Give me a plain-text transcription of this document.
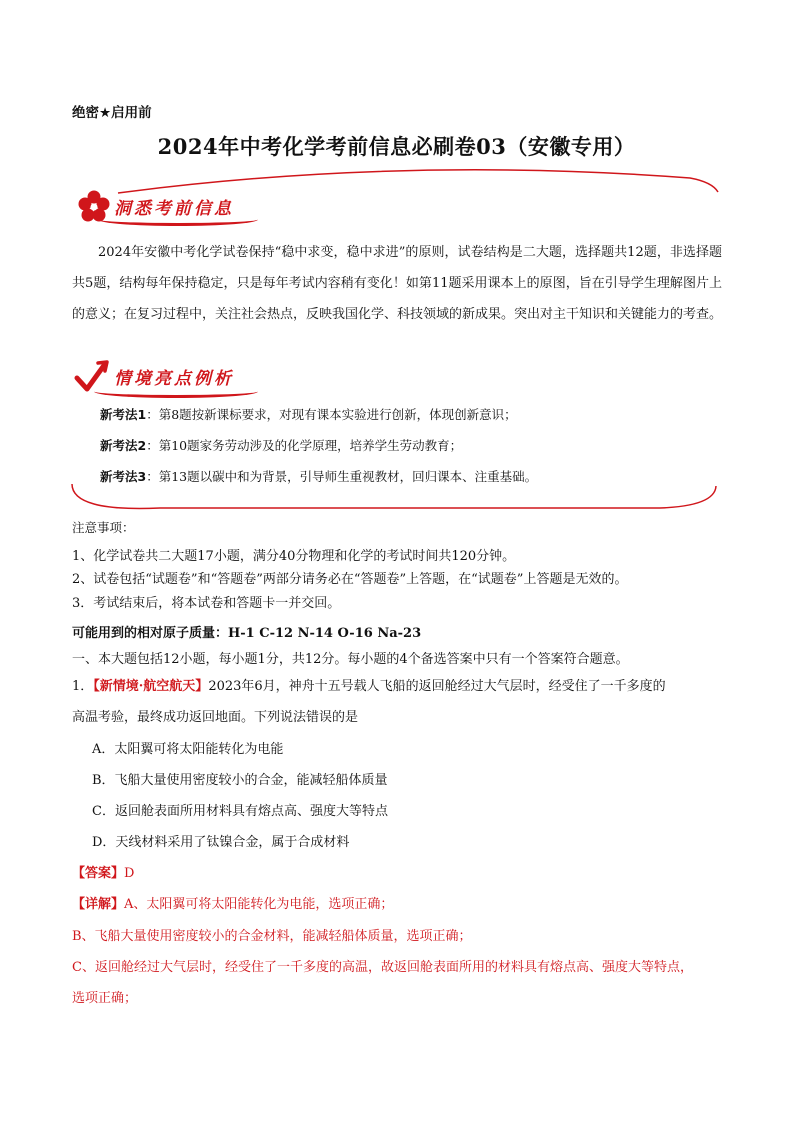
绝密★启用前
2024年中考化学考前信息必刷卷03（安徽专用）
洞悉考前信息
2024年安徽中考化学试卷保持“稳中求变，稳中求进”的原则，试卷结构是二大题，选择题共12题，非选择题共5题，结构每年保持稳定，只是每年考试内容稍有变化！如第11题采用课本上的原图，旨在引导学生理解图片上的意义；在复习过程中，关注社会热点，反映我国化学、科技领域的新成果。突出对主干知识和关键能力的考查。
情境亮点例析
新考法1：第8题按新课标要求，对现有课本实验进行创新，体现创新意识；
新考法2：第10题家务劳动涉及的化学原理，培养学生劳动教育；
新考法3：第13题以碳中和为背景，引导师生重视教材，回归课本、注重基础。
注意事项：
1、化学试卷共二大题17小题，满分40分物理和化学的考试时间共120分钟。
2、试卷包括“试题卷”和“答题卷”两部分请务必在“答题卷”上答题，在“试题卷”上答题是无效的。
3．考试结束后，将本试卷和答题卡一并交回。
可能用到的相对原子质量：H-1 C-12 N-14 O-16 Na-23
一、本大题包括12小题，每小题1分，共12分。每小题的4个备选答案中只有一个答案符合题意。
1．【新情境·航空航天】2023年6月，神舟十五号载人飞船的返回舱经过大气层时，经受住了一千多度的
高温考验，最终成功返回地面。下列说法错误的是
A．太阳翼可将太阳能转化为电能
B．飞船大量使用密度较小的合金，能减轻船体质量
C．返回舱表面所用材料具有熔点高、强度大等特点
D．天线材料采用了钛镍合金，属于合成材料
【答案】D
【详解】A、太阳翼可将太阳能转化为电能，选项正确；
B、飞船大量使用密度较小的合金材料，能减轻船体质量，选项正确；
C、返回舱经过大气层时，经受住了一千多度的高温，故返回舱表面所用的材料具有熔点高、强度大等特点，
选项正确；
